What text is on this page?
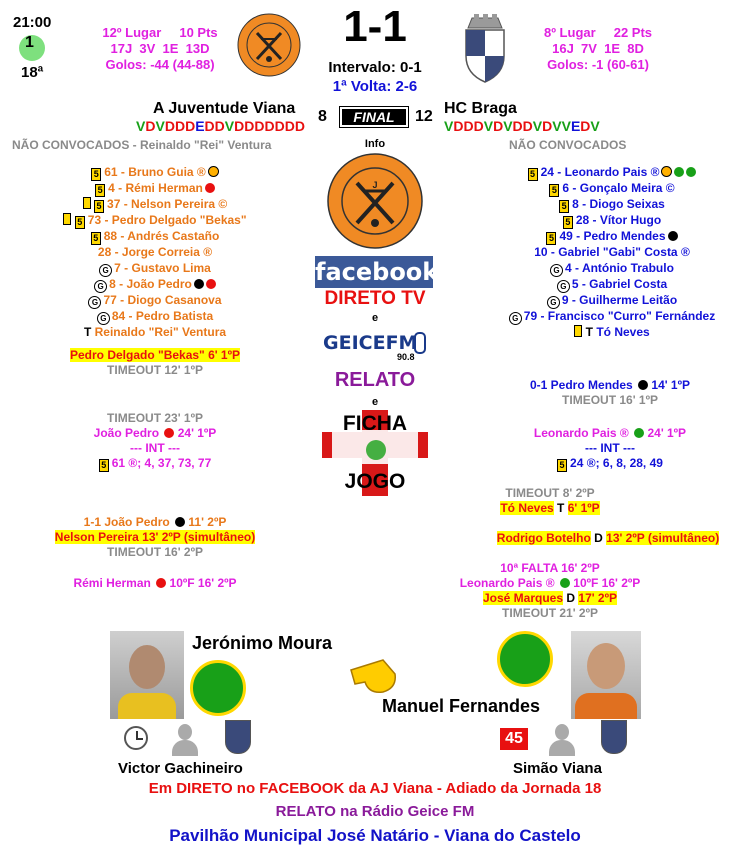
21:00
1
18ª
12º Lugar     10 Pts
17J  3V  1E  13D
Golos: -44 (44-88)
1-1
Intervalo: 0-1
1ª Volta: 2-6
8º Lugar     22 Pts
16J  7V  1E  8D
Golos: -1 (60-61)
A Juventude Viana
VDVDDDEDDVDDDDDDD
8	FINAL	12 HC Braga
VDDDVDVDDVDVVEDV
NÃO CONVOCADOS - Reinaldo "Rei" Ventura	NÃO CONVOCADOS
Info
J
facebook
DIRETO TV
e
GEICEFM
90.8
RELATO
e
FICHA
JOGO
5 61 - Bruno Guia ®
5 4 - Rémi Herman
5 37 - Nelson Pereira ©
5 73 - Pedro Delgado "Bekas"
5 88 - Andrés Castaño
28 - Jorge Correia ®
G 7 - Gustavo Lima
G 8 - João Pedro
G 77 - Diogo Casanova
G 84 - Pedro Batista
T Reinaldo "Rei" Ventura
5 24 - Leonardo Pais ®
5 6 - Gonçalo Meira ©
5 8 - Diogo Seixas
5 28 - Vítor Hugo
5 49 - Pedro Mendes
10 - Gabriel "Gabi" Costa ®
G 4 - António Trabulo
G 5 - Gabriel Costa
G 9 - Guilherme Leitão
G 79 - Francisco "Curro" Fernández
T Tó Neves
Pedro Delgado "Bekas" 6' 1ºP
TIMEOUT 12' 1ºP
TIMEOUT 23' 1ºP
João Pedro 24' 1ºP
--- INT ---
5 61 ®; 4, 37, 73, 77
1-1 João Pedro 11' 2ºP
Nelson Pereira 13' 2ºP (simultâneo)
TIMEOUT 16' 2ºP
Rémi Herman 10ºF 16' 2ºP
0-1 Pedro Mendes 14' 1ºP
TIMEOUT 16' 1ºP
Leonardo Pais ® 24' 1ºP
--- INT ---
5 24 ®; 6, 8, 28, 49
TIMEOUT 8' 2ºP
Tó Neves T 6' 1ºP
Rodrigo Botelho D 13' 2ºP (simultâneo)
10ª FALTA 16' 2ºP
Leonardo Pais ® 10ºF 16' 2ºP
José Marques D 17' 2ºP
TIMEOUT 21' 2ºP
Jerónimo Moura
Manuel Fernandes
Victor Gachineiro
45
Simão Viana
Em DIRETO no FACEBOOK da AJ Viana - Adiado da Jornada 18
RELATO na Rádio Geice FM
Pavilhão Municipal José Natário - Viana do Castelo
